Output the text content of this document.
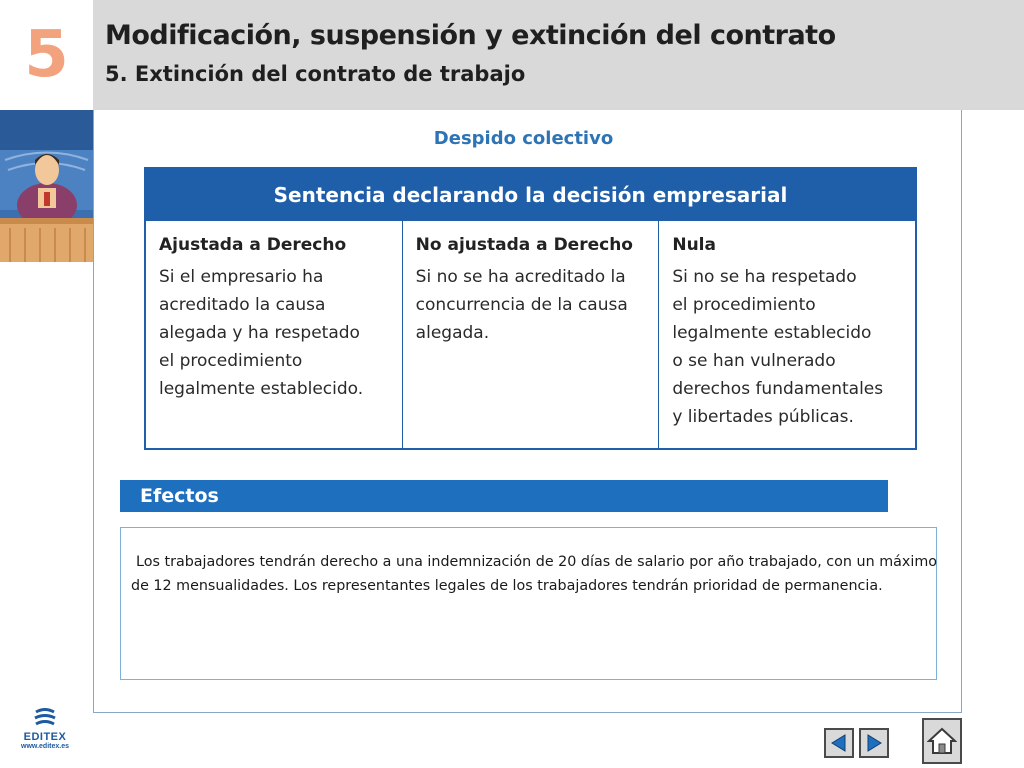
5 Modificación, suspensión y extinción del contrato
5. Extinción del contrato de trabajo
Despido colectivo
Sentencia declarando la decisión empresarial
Ajustada a Derecho
Si el empresario ha
acreditado la causa
alegada y ha respetado
el procedimiento
legalmente establecido.
No ajustada a Derecho
Si no se ha acreditado la
concurrencia de la causa
alegada.
Nula
Si no se ha respetado
el procedimiento
legalmente establecido
o se han vulnerado
derechos fundamentales
y libertades públicas.
Efectos
Los trabajadores tendrán derecho a una indemnización de 20 días de salario por año trabajado, con un máximo de 12 mensualidades. Los representantes legales de los trabajadores tendrán prioridad de permanencia.
EDITEX
www.editex.es
